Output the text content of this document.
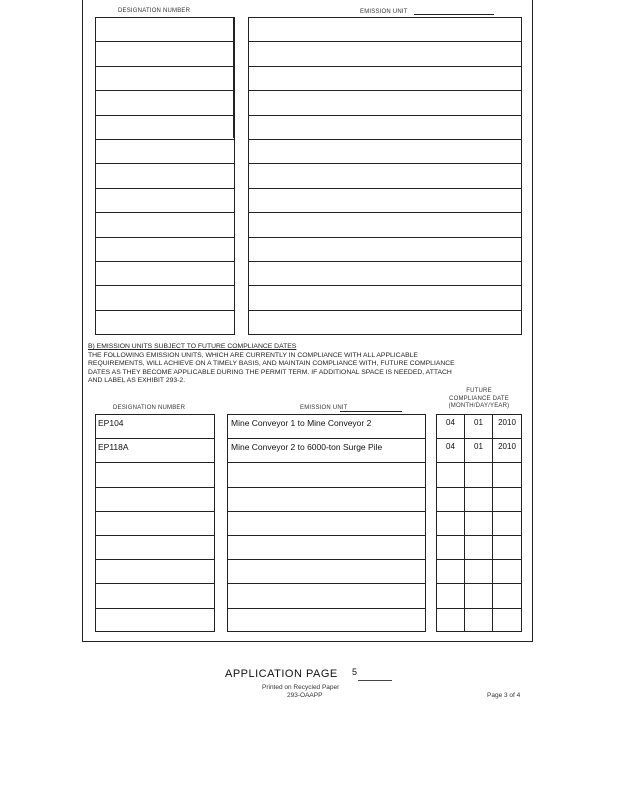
DESIGNATION NUMBER	EMISSION UNIT
B) EMISSION UNITS SUBJECT TO FUTURE COMPLIANCE DATES
THE FOLLOWING EMISSION UNITS, WHICH ARE CURRENTLY IN COMPLIANCE WITH ALL APPLICABLE
REQUIREMENTS, WILL ACHIEVE ON A TIMELY BASIS, AND MAINTAIN COMPLIANCE WITH, FUTURE COMPLIANCE
DATES AS THEY BECOME APPLICABLE DURING THE PERMIT TERM. IF ADDITIONAL SPACE IS NEEDED, ATTACH
AND LABEL AS EXHIBIT 293-2.
DESIGNATION NUMBER	EMISSION UNIT
FUTURE
COMPLIANCE DATE
(MONTH/DAY/YEAR)
EP104	Mine Conveyor 1 to Mine Conveyor 2	04	01	2010
EP118A	Mine Conveyor 2 to 6000-ton Surge Pile	04	01	2010
APPLICATION PAGE 5
Printed on Recycled Paper
293-OAAPP	Page 3 of 4
